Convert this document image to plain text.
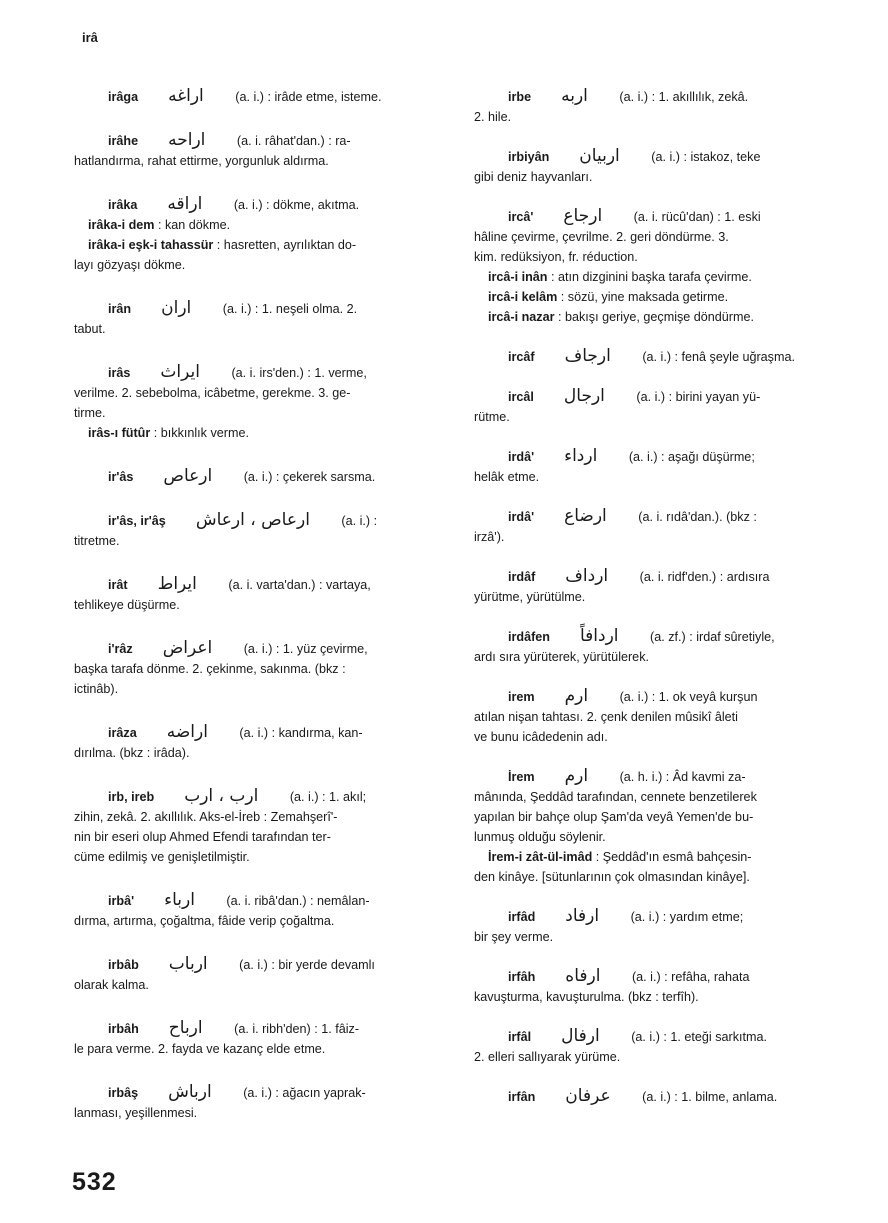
irâ
irâga اراغه (a. i.) : irâde etme, isteme.
irâhe اراحه (a. i. râhat'dan.) : ra-
hatlandırma, rahat ettirme, yorgunluk aldırma.
irâka اراقه (a. i.) : dökme, akıtma.
irâka-i dem : kan dökme.
irâka-i eşk-i tahassür : hasretten, ayrılıktan do-
layı gözyaşı dökme.
irân اران (a. i.) : 1. neşeli olma. 2.
tabut.
irâs ايراث (a. i. irs'den.) : 1. verme,
verilme. 2. sebebolma, icâbetme, gerekme. 3. ge-
tirme.
irâs-ı fütûr : bıkkınlık verme.
ir'âs ارعاص (a. i.) : çekerek sarsma.
ir'âs, ir'âş ارعاص ، ارعاش (a. i.) :
titretme.
irât ايراط (a. i. varta'dan.) : vartaya,
tehlikeye düşürme.
i'râz اعراض (a. i.) : 1. yüz çevirme,
başka tarafa dönme. 2. çekinme, sakınma. (bkz :
ictinâb).
irâza اراضه (a. i.) : kandırma, kan-
dırılma. (bkz : irâda).
irb, ireb ارب ، ارب (a. i.) : 1. akıl;
zihin, zekâ. 2. akıllılık. Aks-el-İreb : Zemahşerî'-
nin bir eseri olup Ahmed Efendi tarafından ter-
cüme edilmiş ve genişletilmiştir.
irbâ' ارباء (a. i. ribâ'dan.) : nemâlan-
dırma, artırma, çoğaltma, fâide verip çoğaltma.
irbâb ارباب (a. i.) : bir yerde devamlı
olarak kalma.
irbâh ارباح (a. i. ribh'den) : 1. fâiz-
le para verme. 2. fayda ve kazanç elde etme.
irbâş ارباش (a. i.) : ağacın yaprak-
lanması, yeşillenmesi.
irbe اربه (a. i.) : 1. akıllılık, zekâ.
2. hile.
irbiyân اربيان (a. i.) : istakoz, teke
gibi deniz hayvanları.
ircâ' ارجاع (a. i. rücû'dan) : 1. eski
hâline çevirme, çevrilme. 2. geri döndürme. 3.
kim. redüksiyon, fr. réduction.
ircâ-i inân : atın dizginini başka tarafa çevirme.
ircâ-i kelâm : sözü, yine maksada getirme.
ircâ-i nazar : bakışı geriye, geçmişe döndürme.
ircâf ارجاف (a. i.) : fenâ şeyle uğraşma.
ircâl ارجال (a. i.) : birini yayan yü-
rütme.
irdâ' ارداء (a. i.) : aşağı düşürme;
helâk etme.
irdâ' ارضاع (a. i. rıdâ'dan.). (bkz :
irzâ').
irdâf ارداف (a. i. ridf'den.) : ardısıra
yürütme, yürütülme.
irdâfen اردافاً (a. zf.) : irdaf sûretiyle,
ardı sıra yürüterek, yürütülerek.
irem ارم (a. i.) : 1. ok veyâ kurşun
atılan nişan tahtası. 2. çenk denilen mûsikî âleti
ve bunu icâdedenin adı.
İrem ارم (a. h. i.) : Âd kavmi za-
mânında, Şeddâd tarafından, cennete benzetilerek
yapılan bir bahçe olup Şam'da veyâ Yemen'de bu-
lunmuş olduğu söylenir.
İrem-i zât-ül-imâd : Şeddâd'ın esmâ bahçesin-
den kinâye. [sütunlarının çok olmasından kinâye].
irfâd ارفاد (a. i.) : yardım etme;
bir şey verme.
irfâh ارفاه (a. i.) : refâha, rahata
kavuşturma, kavuşturulma. (bkz : terfîh).
irfâl ارفال (a. i.) : 1. eteği sarkıtma.
2. elleri sallıyarak yürüme.
irfân عرفان (a. i.) : 1. bilme, anlama.
532
